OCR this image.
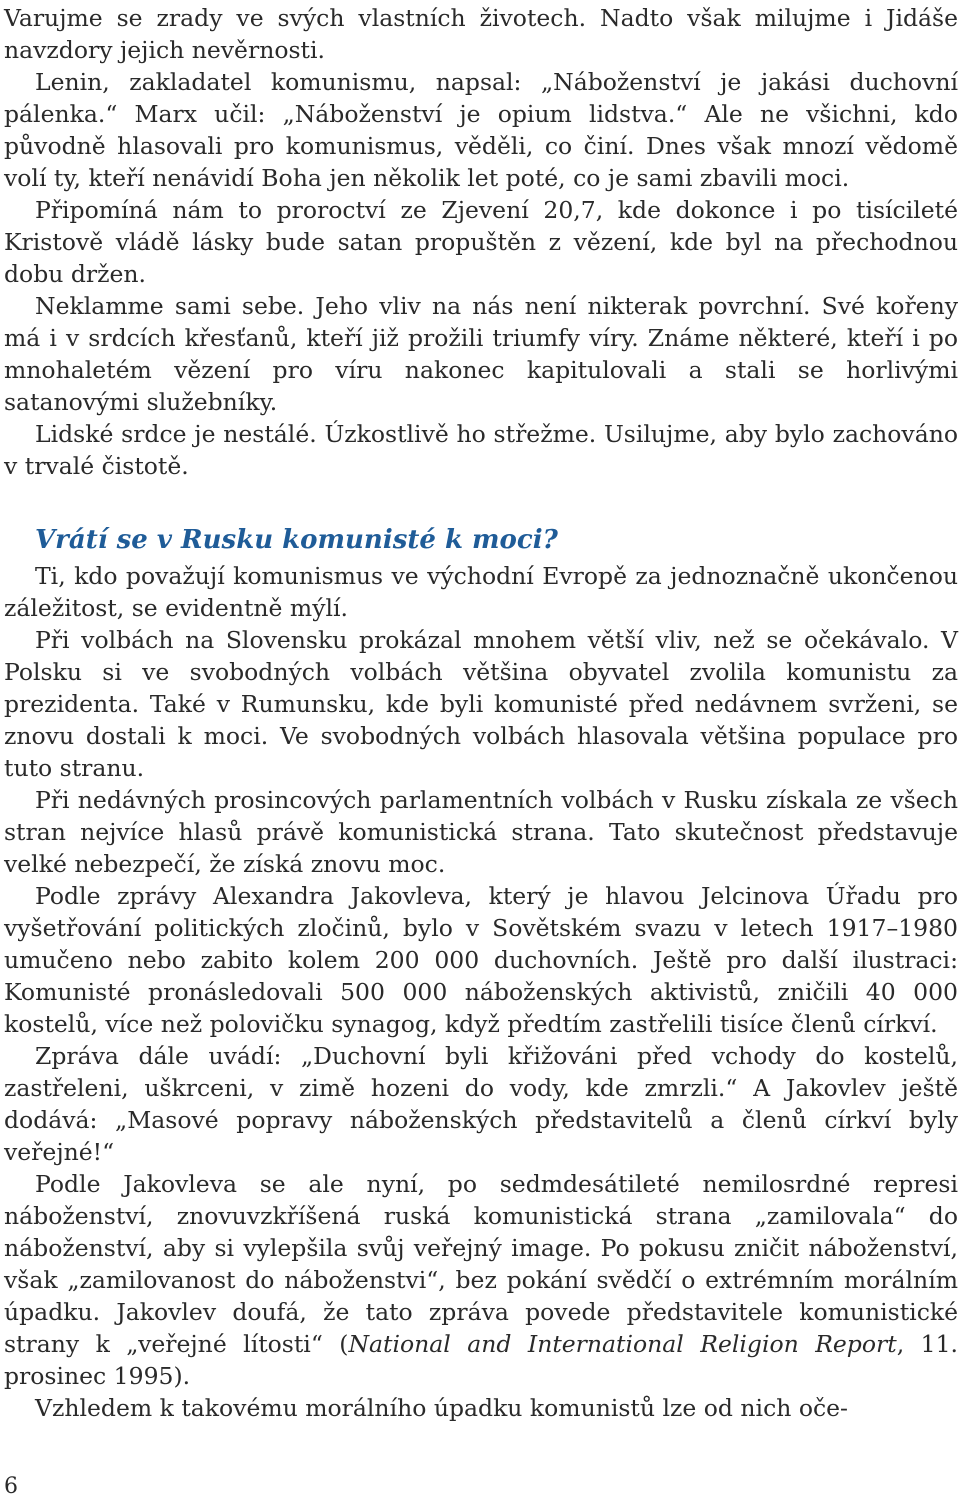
Varujme se zrady ve svých vlastních životech. Nadto však milujme i Jidáše navzdory jejich nevěrnosti.

Lenin, zakladatel komunismu, napsal: „Náboženství je jakási duchovní pálenka.“ Marx učil: „Náboženství je opium lidstva.“ Ale ne všichni, kdo původně hlasovali pro komunismus, věděli, co činí. Dnes však mnozí vědomě volí ty, kteří nenávidí Boha jen několik let poté, co je sami zbavili moci.

Připomíná nám to proroctví ze Zjevení 20,7, kde dokonce i po tisícileté Kristově vládě lásky bude satan propuštěn z vězení, kde byl na přechodnou dobu držen.

Neklamme sami sebe. Jeho vliv na nás není nikterak povrchní. Své kořeny má i v srdcích křesťanů, kteří již prožili triumfy víry. Známe některé, kteří i po mnohaletém vězení pro víru nakonec kapitulovali a stali se horlivými satanovými služebníky.

Lidské srdce je nestálé. Úzkostlivě ho střežme. Usilujme, aby bylo zachováno v trvalé čistotě.

Vrátí se v Rusku komunisté k moci?

Ti, kdo považují komunismus ve východní Evropě za jednoznačně ukončenou záležitost, se evidentně mýlí.

Při volbách na Slovensku prokázal mnohem větší vliv, než se očekávalo. V Polsku si ve svobodných volbách většina obyvatel zvolila komunistu za prezidenta. Také v Rumunsku, kde byli komunisté před nedávnem svrženi, se znovu dostali k moci. Ve svobodných volbách hlasovala většina populace pro tuto stranu.

Při nedávných prosincových parlamentních volbách v Rusku získala ze všech stran nejvíce hlasů právě komunistická strana. Tato skutečnost představuje velké nebezpečí, že získá znovu moc.

Podle zprávy Alexandra Jakovleva, který je hlavou Jelcinova Úřadu pro vyšetřování politických zločinů, bylo v Sovětském svazu v letech 1917–1980 umučeno nebo zabito kolem 200 000 duchovních. Ještě pro další ilustraci: Komunisté pronásledovali 500 000 náboženských aktivistů, zničili 40 000 kostelů, více než polovičku synagog, když předtím zastřelili tisíce členů církví.

Zpráva dále uvádí: „Duchovní byli křižováni před vchody do kostelů, zastřeleni, uškrceni, v zimě hozeni do vody, kde zmrzli.“ A Jakovlev ještě dodává: „Masové popravy náboženských představitelů a členů církví byly veřejné!“

Podle Jakovleva se ale nyní, po sedmdesátileté nemilosrdné represi náboženství, znovuvzkříšená ruská komunistická strana „zamilovala“ do náboženství, aby si vylepšila svůj veřejný image. Po pokusu zničit náboženství, však „zamilovanost do náboženstvi“, bez pokání svědčí o extrémním morálním úpadku. Jakovlev doufá, že tato zpráva povede představitele komunistické strany k „veřejné lítosti“ (National and International Religion Report, 11. prosinec 1995).

Vzhledem k takovému morálního úpadku komunistů lze od nich oče-

6
